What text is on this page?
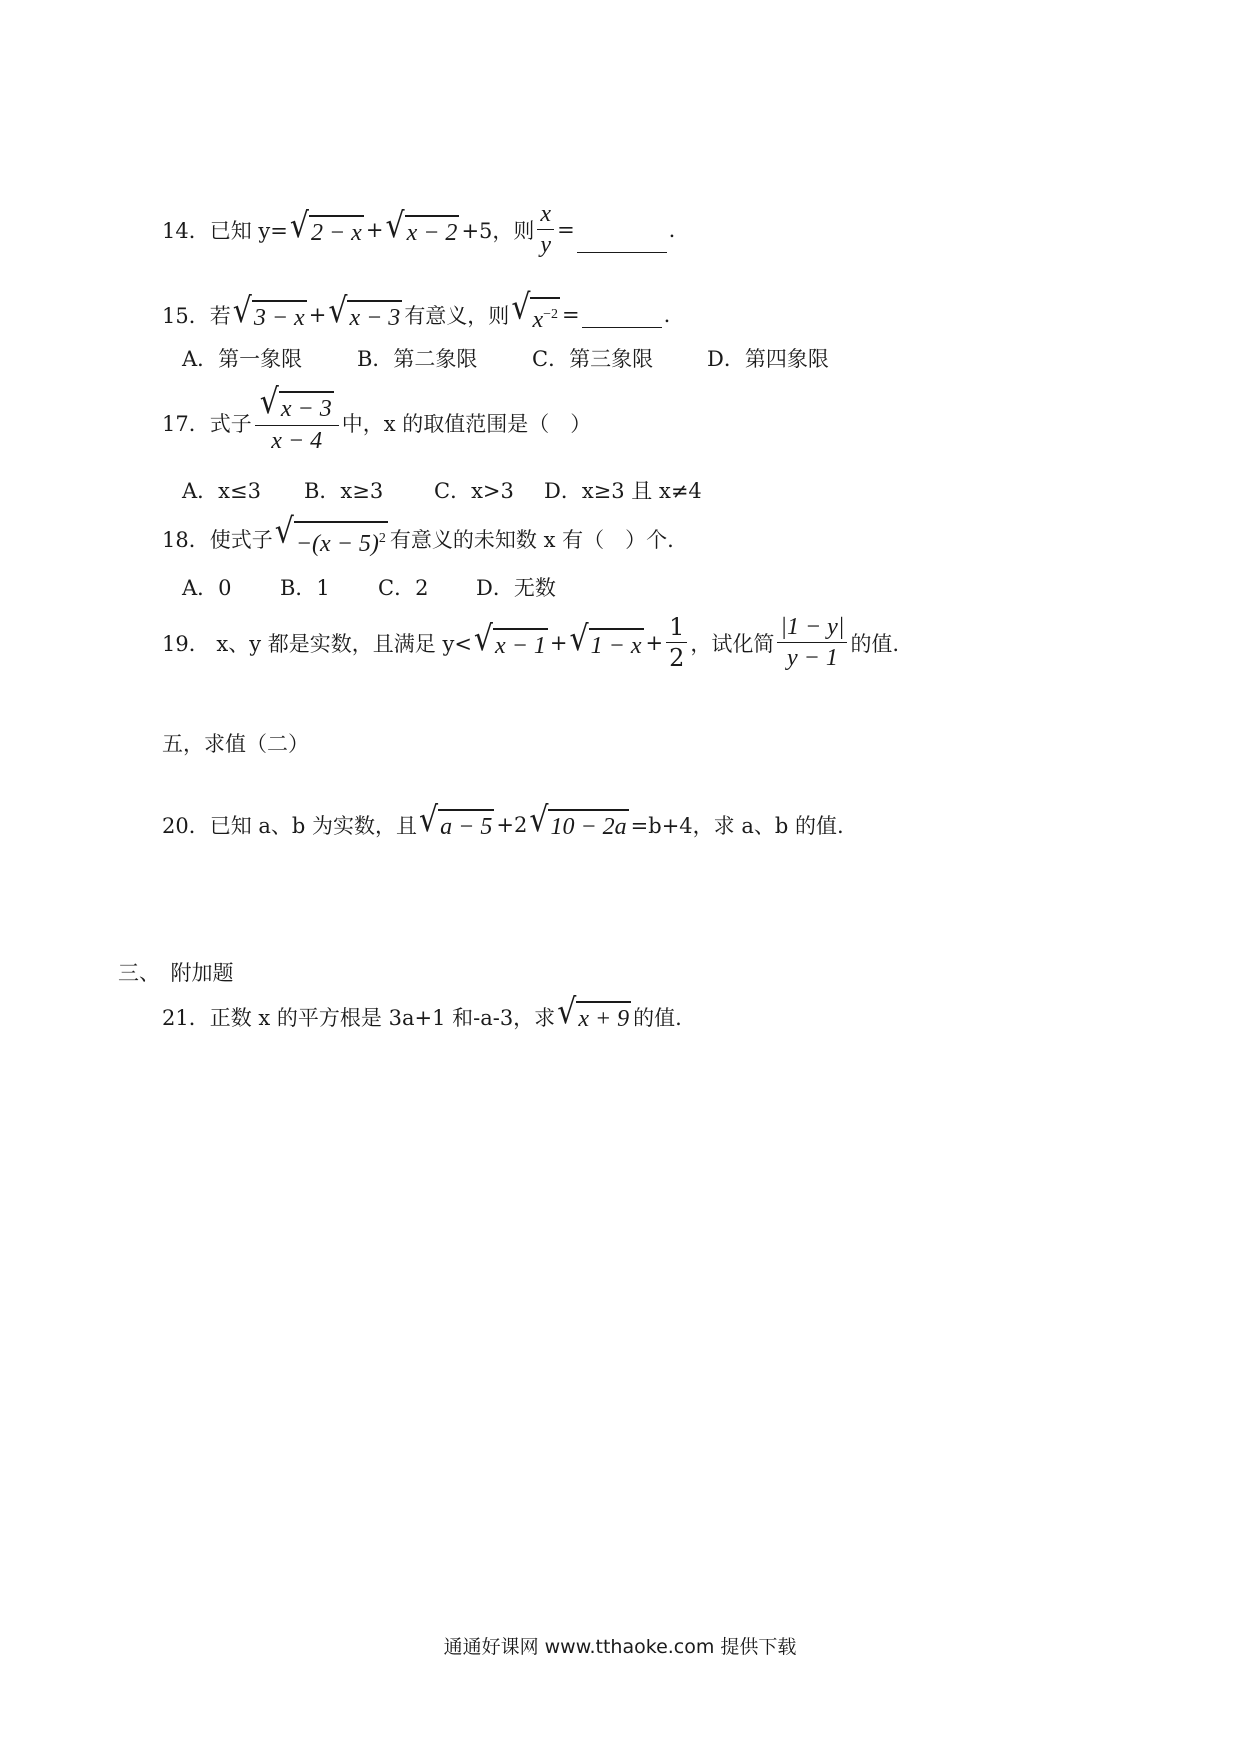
14．已知 y= √ 2 − x + √ x − 2 +5，则 $\frac{x}{y}$ =	.
15．若 √ 3 − x + √ x − 3 有意义，则 √ $x^{-2}$ =	.
A．第一象限	B．第二象限	C．第三象限	D．第四象限
17．式子 $\frac{√ x - 3}{x - 4}$ 中，x 的取值范围是（　）
A．x≤3 B．x≥3 C．x>3 D．x≥3 且 x≠4
18．使式子 √ $-(x - 5)^2$ 有意义的未知数 x 有（　）个.
A．0 B．1 C．2 D．无数
19． x、y 都是实数，且满足 y< √ x − 1 + √ $1 - x + \frac{1}{2}$ ，试化简 $\frac{|1 - y|}{y - 1}$ 的值.
五，求值（二）
20．已知 a、b 为实数，且 √ a − 5 +2 √ 10 − 2a =b+4，求 a、b 的值.
三、　附加题
21．正数 x 的平方根是 3a+1 和-a-3，求 √ x + 9 的值.
通通好课网 www.tthaoke.com 提供下载
